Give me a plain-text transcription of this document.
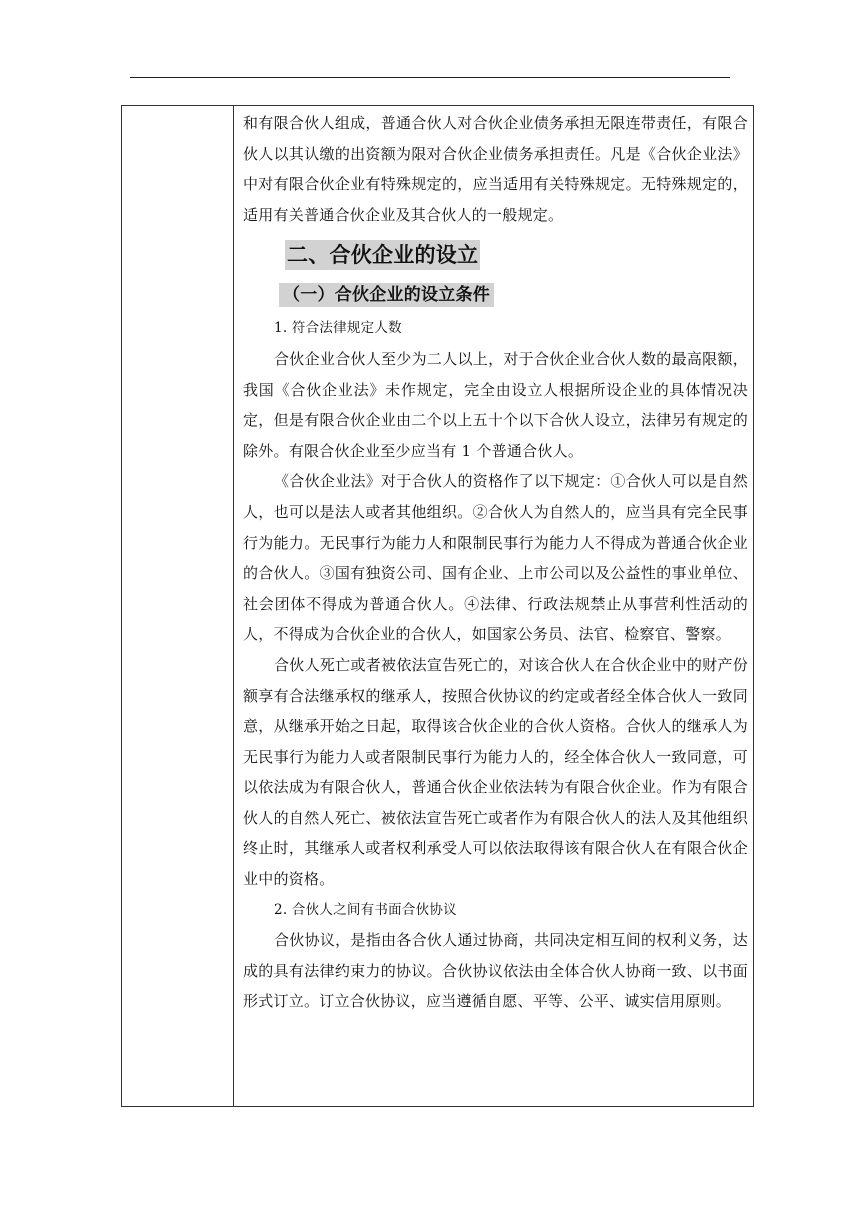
和有限合伙人组成，普通合伙人对合伙企业债务承担无限连带责任，有限合伙人以其认缴的出资额为限对合伙企业债务承担责任。凡是《合伙企业法》中对有限合伙企业有特殊规定的，应当适用有关特殊规定。无特殊规定的，适用有关普通合伙企业及其合伙人的一般规定。

二、合伙企业的设立

（一）合伙企业的设立条件

1. 符合法律规定人数

合伙企业合伙人至少为二人以上，对于合伙企业合伙人数的最高限额，我国《合伙企业法》未作规定，完全由设立人根据所设企业的具体情况决定，但是有限合伙企业由二个以上五十个以下合伙人设立，法律另有规定的除外。有限合伙企业至少应当有 1 个普通合伙人。

《合伙企业法》对于合伙人的资格作了以下规定：①合伙人可以是自然人，也可以是法人或者其他组织。②合伙人为自然人的，应当具有完全民事行为能力。无民事行为能力人和限制民事行为能力人不得成为普通合伙企业的合伙人。③国有独资公司、国有企业、上市公司以及公益性的事业单位、社会团体不得成为普通合伙人。④法律、行政法规禁止从事营利性活动的人，不得成为合伙企业的合伙人，如国家公务员、法官、检察官、警察。

合伙人死亡或者被依法宣告死亡的，对该合伙人在合伙企业中的财产份额享有合法继承权的继承人，按照合伙协议的约定或者经全体合伙人一致同意，从继承开始之日起，取得该合伙企业的合伙人资格。合伙人的继承人为无民事行为能力人或者限制民事行为能力人的，经全体合伙人一致同意，可以依法成为有限合伙人，普通合伙企业依法转为有限合伙企业。作为有限合伙人的自然人死亡、被依法宣告死亡或者作为有限合伙人的法人及其他组织终止时，其继承人或者权利承受人可以依法取得该有限合伙人在有限合伙企业中的资格。

2. 合伙人之间有书面合伙协议

合伙协议，是指由各合伙人通过协商，共同决定相互间的权利义务，达成的具有法律约束力的协议。合伙协议依法由全体合伙人协商一致、以书面形式订立。订立合伙协议，应当遵循自愿、平等、公平、诚实信用原则。
